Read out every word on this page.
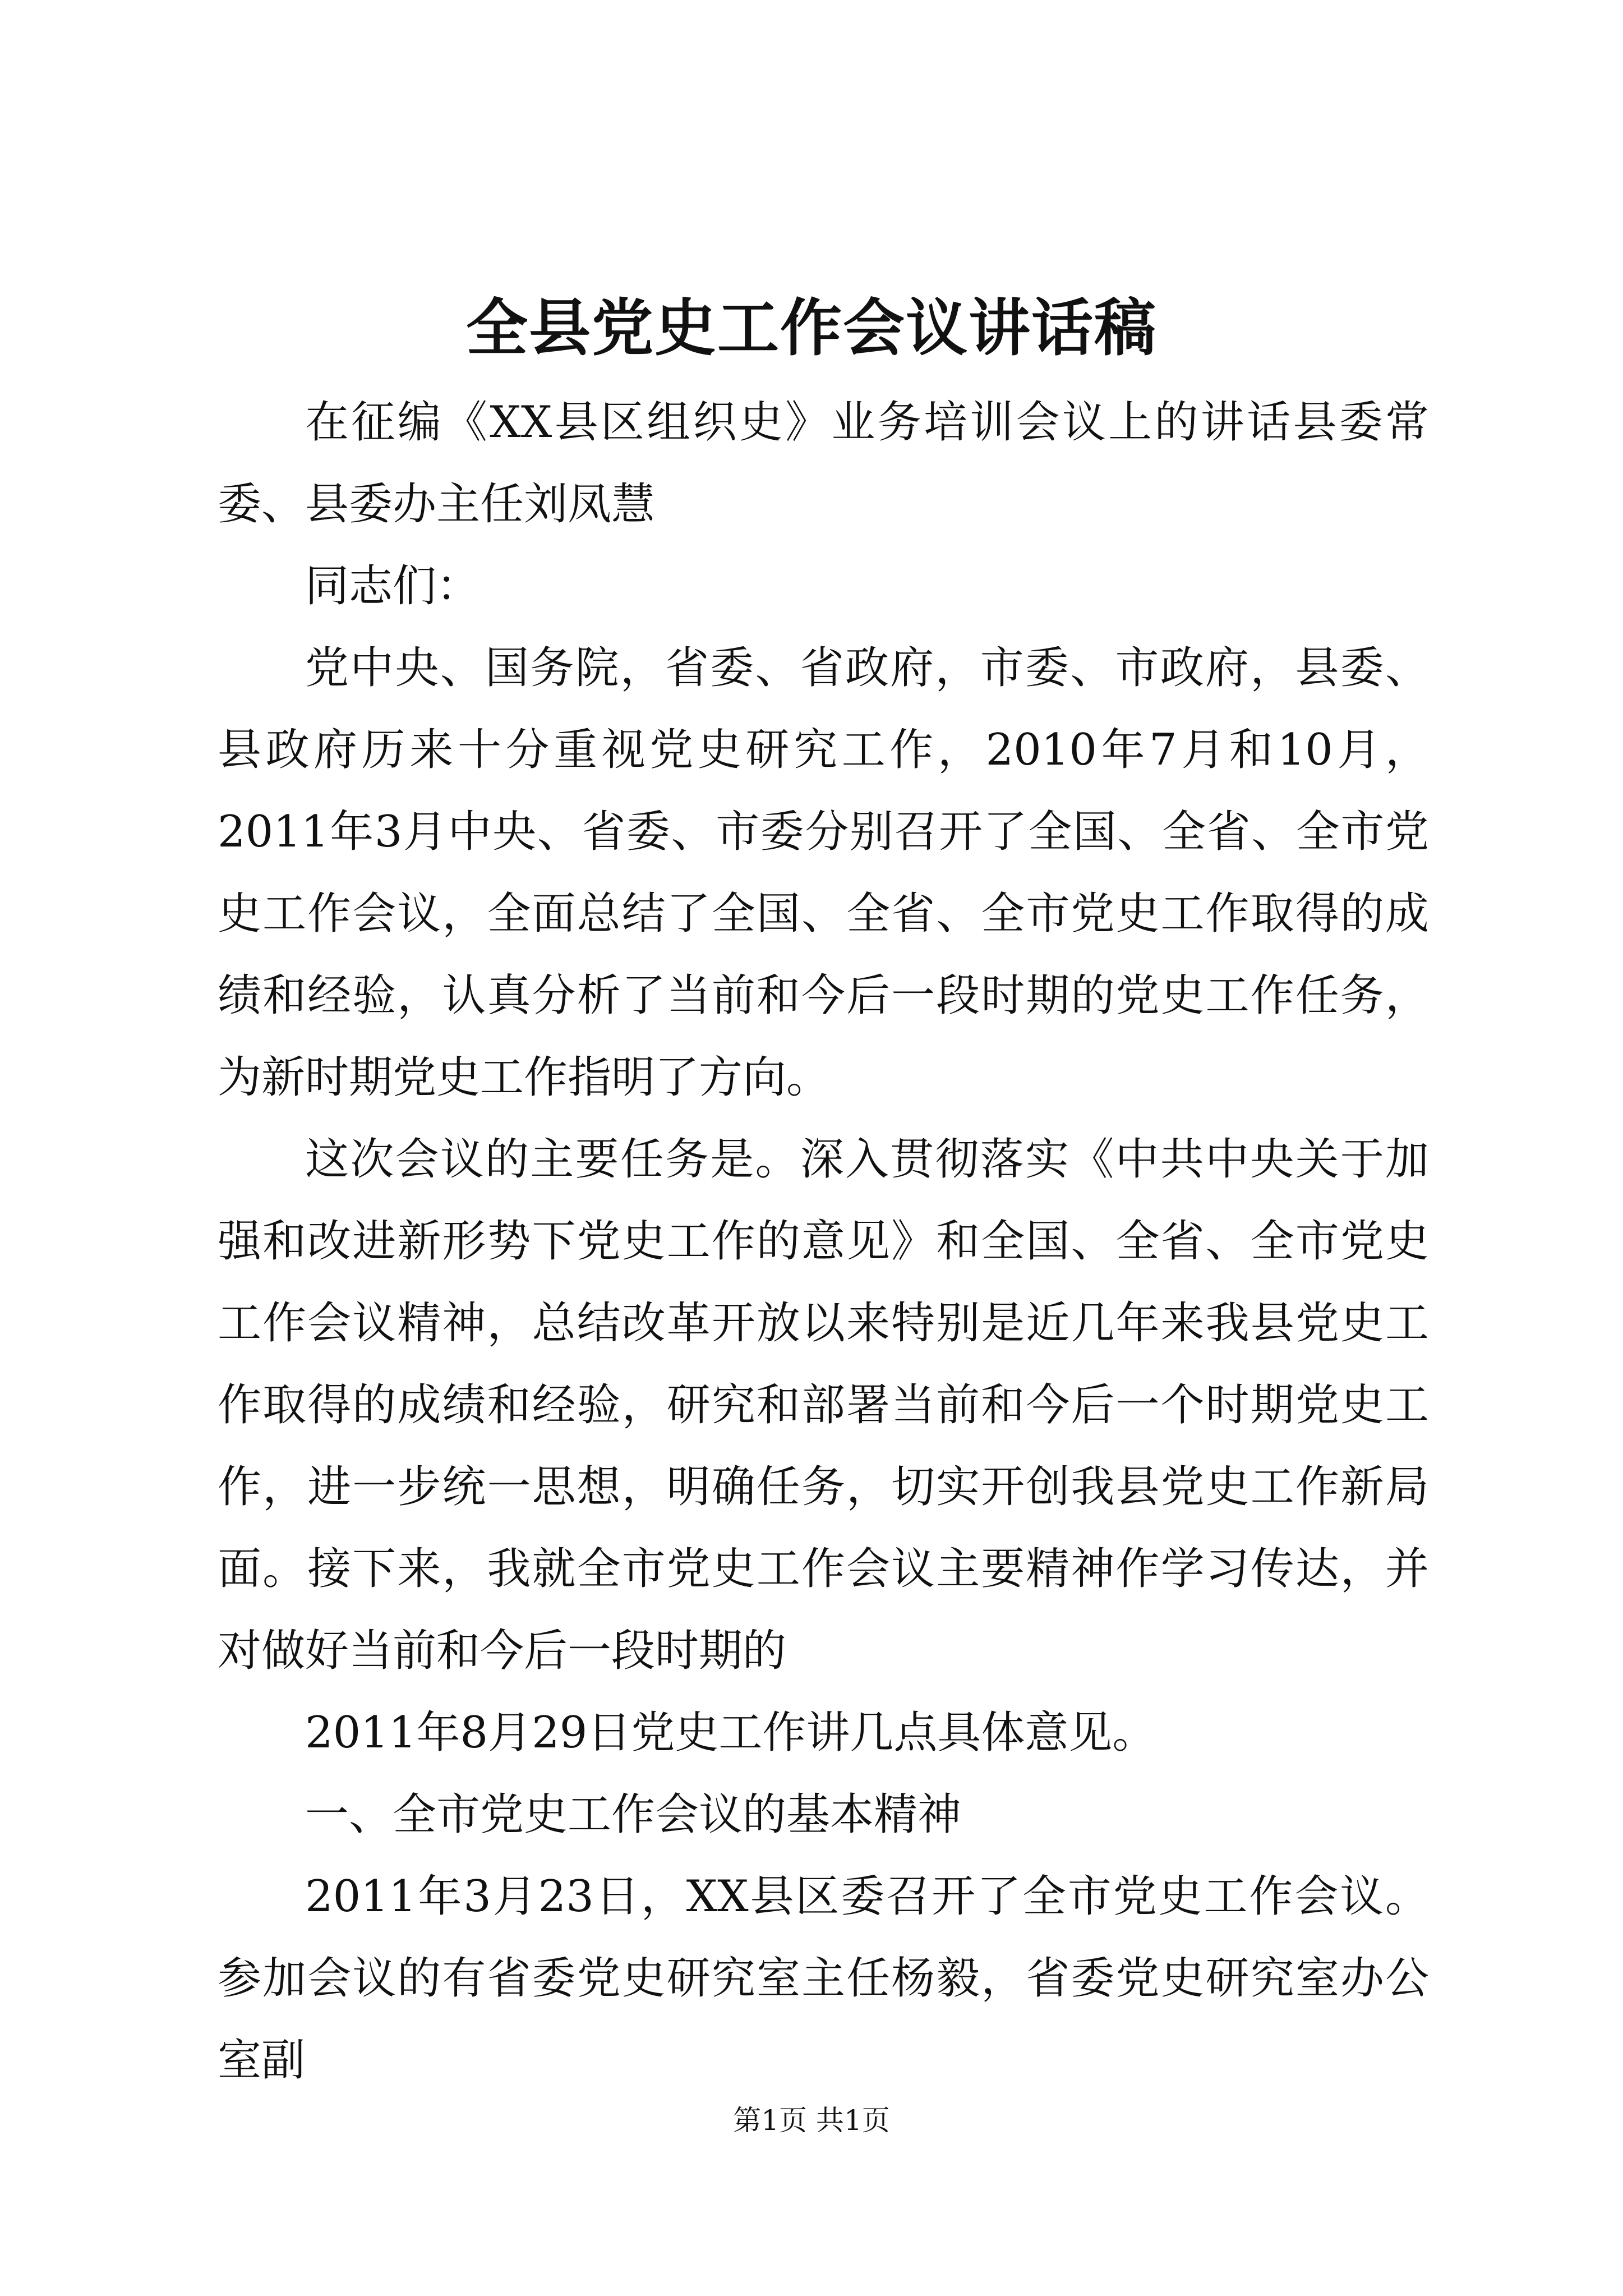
全县党史工作会议讲话稿

在征编《XX县区组织史》业务培训会议上的讲话县委常委、县委办主任刘凤慧

同志们：

党中央、国务院，省委、省政府，市委、市政府，县委、县政府历来十分重视党史研究工作，2010年7月和10月，2011年3月中央、省委、市委分别召开了全国、全省、全市党史工作会议，全面总结了全国、全省、全市党史工作取得的成绩和经验，认真分析了当前和今后一段时期的党史工作任务，为新时期党史工作指明了方向。

这次会议的主要任务是。深入贯彻落实《中共中央关于加强和改进新形势下党史工作的意见》和全国、全省、全市党史工作会议精神，总结改革开放以来特别是近几年来我县党史工作取得的成绩和经验，研究和部署当前和今后一个时期党史工作，进一步统一思想，明确任务，切实开创我县党史工作新局面。接下来，我就全市党史工作会议主要精神作学习传达，并对做好当前和今后一段时期的

2011年8月29日党史工作讲几点具体意见。

一、全市党史工作会议的基本精神

2011年3月23日，XX县区委召开了全市党史工作会议。参加会议的有省委党史研究室主任杨毅，省委党史研究室办公室副

第1页 共1页
